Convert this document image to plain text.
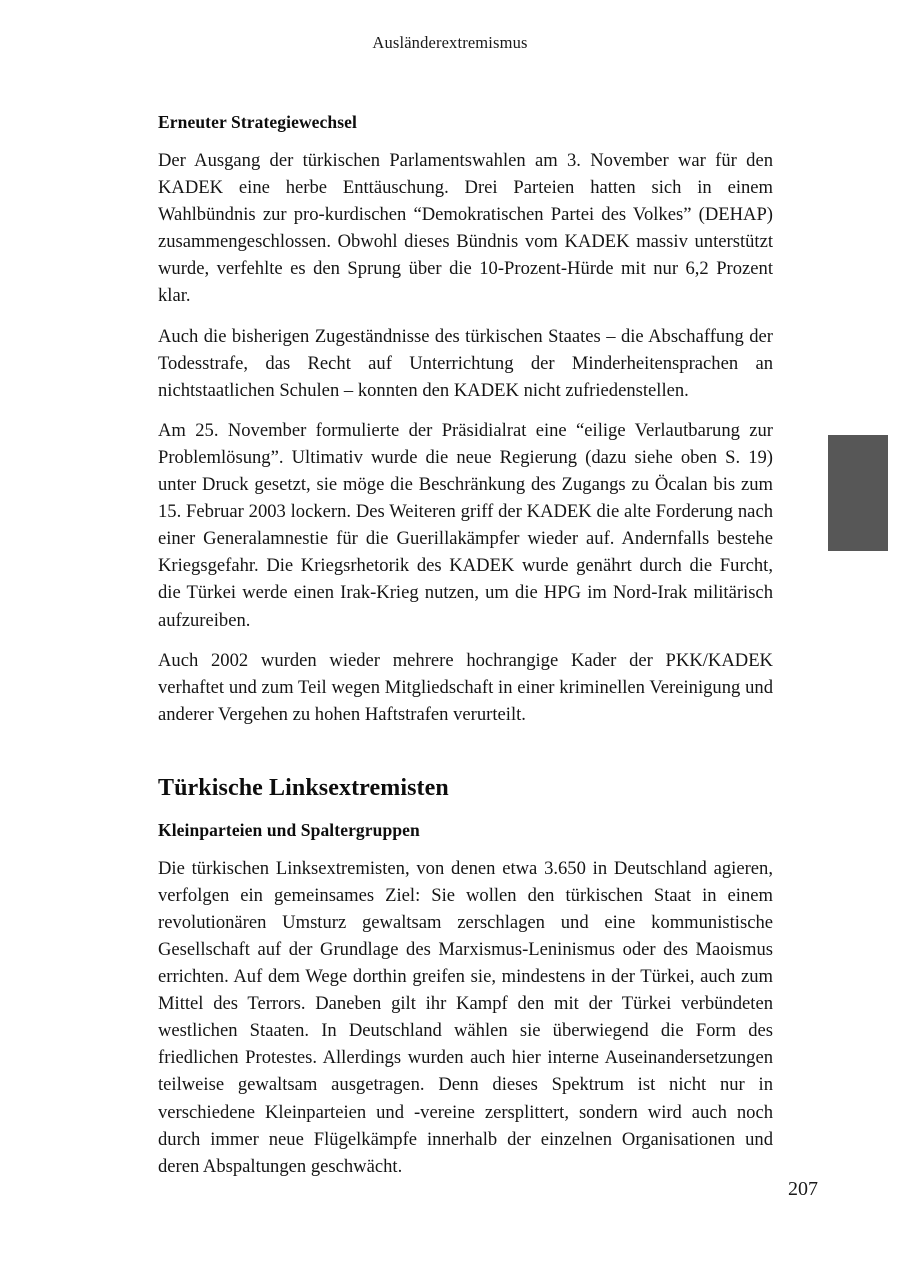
Ausländerextremismus
Erneuter Strategiewechsel

Der Ausgang der türkischen Parlamentswahlen am 3. November war für den KADEK eine herbe Enttäuschung. Drei Parteien hatten sich in einem Wahlbündnis zur pro-kurdischen “Demokratischen Partei des Volkes” (DEHAP) zusammengeschlossen. Obwohl dieses Bündnis vom KADEK massiv unterstützt wurde, verfehlte es den Sprung über die 10-Prozent-Hürde mit nur 6,2 Prozent klar.

Auch die bisherigen Zugeständnisse des türkischen Staates – die Abschaffung der Todesstrafe, das Recht auf Unterrichtung der Minderheitensprachen an nichtstaatlichen Schulen – konnten den KADEK nicht zufriedenstellen.

Am 25. November formulierte der Präsidialrat eine “eilige Verlautbarung zur Problemlösung”. Ultimativ wurde die neue Regierung (dazu siehe oben S. 19) unter Druck gesetzt, sie möge die Beschränkung des Zugangs zu Öcalan bis zum 15. Februar 2003 lockern. Des Weiteren griff der KADEK die alte Forderung nach einer Generalamnestie für die Guerillakämpfer wieder auf. Andernfalls bestehe Kriegsgefahr. Die Kriegsrhetorik des KADEK wurde genährt durch die Furcht, die Türkei werde einen Irak-Krieg nutzen, um die HPG im Nord-Irak militärisch aufzureiben.

Auch 2002 wurden wieder mehrere hochrangige Kader der PKK/KADEK verhaftet und zum Teil wegen Mitgliedschaft in einer kriminellen Vereinigung und anderer Vergehen zu hohen Haftstrafen verurteilt.

Türkische Linksextremisten
Kleinparteien und Spaltergruppen

Die türkischen Linksextremisten, von denen etwa 3.650 in Deutschland agieren, verfolgen ein gemeinsames Ziel: Sie wollen den türkischen Staat in einem revolutionären Umsturz gewaltsam zerschlagen und eine kommunistische Gesellschaft auf der Grundlage des Marxismus-Leninismus oder des Maoismus errichten. Auf dem Wege dorthin greifen sie, mindestens in der Türkei, auch zum Mittel des Terrors. Daneben gilt ihr Kampf den mit der Türkei verbündeten westlichen Staaten. In Deutschland wählen sie überwiegend die Form des friedlichen Protestes. Allerdings wurden auch hier interne Auseinandersetzungen teilweise gewaltsam ausgetragen. Denn dieses Spektrum ist nicht nur in verschiedene Kleinparteien und -vereine zersplittert, sondern wird auch noch durch immer neue Flügelkämpfe innerhalb der einzelnen Organisationen und deren Abspaltungen geschwächt.

207
